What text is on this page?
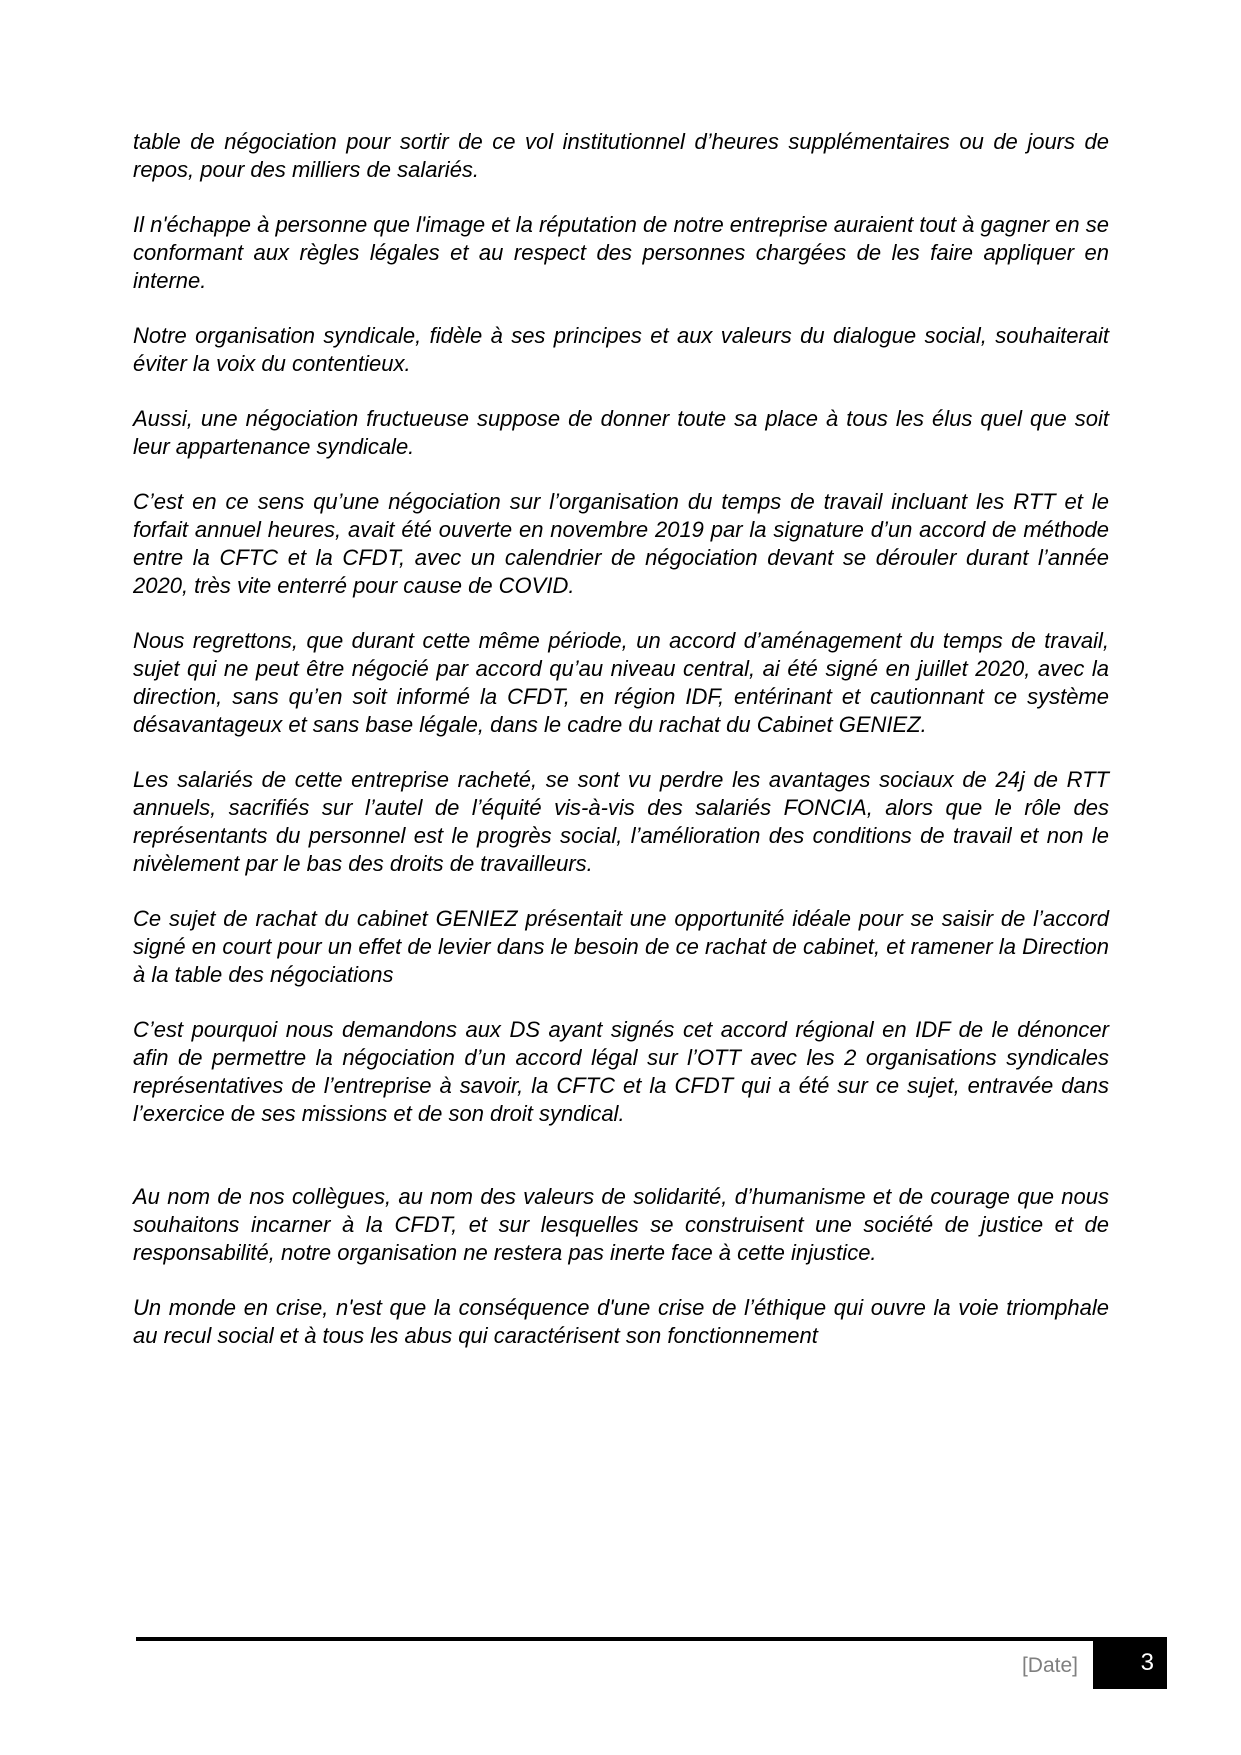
table de négociation pour sortir de ce vol institutionnel d’heures supplémentaires ou de jours de repos, pour des milliers de salariés.

Il n'échappe à personne que l'image et la réputation de notre entreprise auraient tout à gagner en se conformant aux règles légales et au respect des personnes chargées de les faire appliquer en interne.

Notre organisation syndicale, fidèle à ses principes et aux valeurs du dialogue social, souhaiterait éviter la voix du contentieux.

Aussi, une négociation fructueuse suppose de donner toute sa place à tous les élus quel que soit leur appartenance syndicale.

C’est en ce sens qu’une négociation sur l’organisation du temps de travail incluant les RTT et le forfait annuel heures, avait été ouverte en novembre 2019 par la signature d’un accord de méthode entre la CFTC et la CFDT, avec un calendrier de négociation devant se dérouler durant l’année 2020, très vite enterré pour cause de COVID.

Nous regrettons, que durant cette même période, un accord d’aménagement du temps de travail, sujet qui ne peut être négocié par accord qu’au niveau central, ai été signé en juillet 2020, avec la direction, sans qu’en soit informé la CFDT, en région IDF, entérinant et cautionnant ce système désavantageux et sans base légale, dans le cadre du rachat du Cabinet GENIEZ.

Les salariés de cette entreprise racheté, se sont vu perdre les avantages sociaux de 24j de RTT annuels, sacrifiés sur l’autel de l’équité vis-à-vis des salariés FONCIA, alors que le rôle des représentants du personnel est le progrès social, l’amélioration des conditions de travail et non le nivèlement par le bas des droits de travailleurs.

Ce sujet de rachat du cabinet GENIEZ présentait une opportunité idéale pour se saisir de l’accord signé en court pour un effet de levier dans le besoin de ce rachat de cabinet, et ramener la Direction à la table des négociations

C’est pourquoi nous demandons aux DS ayant signés cet accord régional en IDF de le dénoncer afin de permettre la négociation d’un accord légal sur l’OTT avec les 2 organisations syndicales représentatives de l’entreprise à savoir, la CFTC et la CFDT qui a été sur ce sujet, entravée dans l’exercice de ses missions et de son droit syndical.

Au nom de nos collègues, au nom des valeurs de solidarité, d’humanisme et de courage que nous souhaitons incarner à la CFDT, et sur lesquelles se construisent une société de justice et de responsabilité, notre organisation ne restera pas inerte face à cette injustice.

Un monde en crise, n'est que la conséquence d'une crise de l’éthique qui ouvre la voie triomphale au recul social et à tous les abus qui caractérisent son fonctionnement

[Date]	3
